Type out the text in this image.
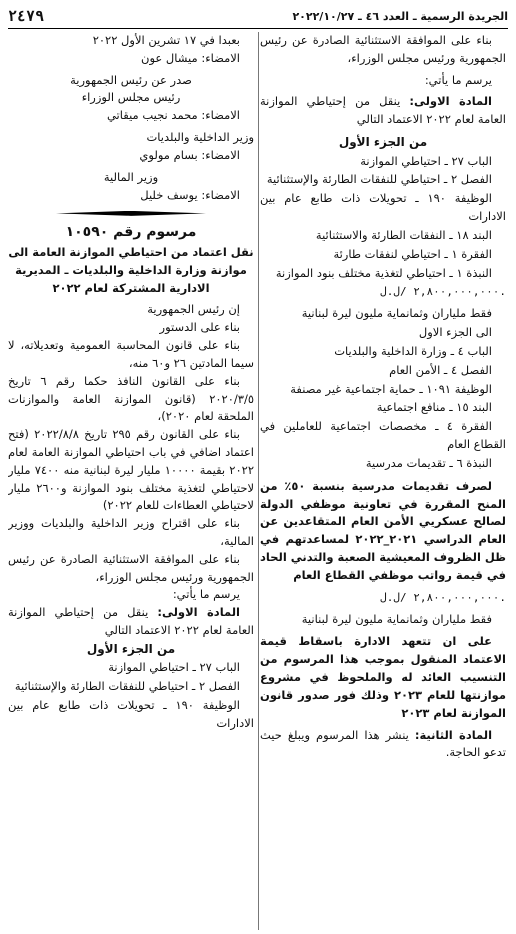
الجريدة الرسمية ـ العدد ٤٦ ـ ٢٠٢٢/١٠/٢٧
٢٤٧٩

بناء على الموافقة الاستثنائية الصادرة عن رئيس الجمهورية ورئيس مجلس الوزراء،

يرسم ما يأتي:

المادة الاولى: ينقل من إحتياطي الموازنة العامة لعام ٢٠٢٢ الاعتماد التالي

من الجزء الأول

الباب ٢٧ ـ احتياطي الموازنة

الفصل ٢ ـ احتياطي للنفقات الطارئة والإستثنائية

الوظيفة ١٩٠ ـ تحويلات ذات طابع عام بين الادارات

البند ١٨ ـ النفقات الطارئة والاستثنائية

الفقرة ١ ـ احتياطي لنفقات طارئة

النبذة ١ ـ احتياطي لتغذية مختلف بنود الموازنة

٢,٨٠٠,٠٠٠,٠٠٠ /ل.ل.

فقط ملياران وثمانماية مليون ليرة لبنانية

الى الجزء الاول

الباب ٤ ـ وزارة الداخلية والبلديات

الفصل ٤ ـ الأمن العام

الوظيفة ١٠٩١ ـ حماية اجتماعية غير مصنفة

البند ١٥ ـ منافع اجتماعية

الفقرة ٤ ـ مخصصات اجتماعية للعاملين في القطاع العام

النبذة ٦ ـ تقديمات مدرسية

لصرف تقديمات مدرسية بنسبة ٥٠٪ من المنح المقررة في تعاونية موظفي الدولة لصالح عسكريي الأمن العام المتقاعدين عن العام الدراسي ٢٠٢١_٢٠٢٢ لمساعدتهم في ظل الظروف المعيشية الصعبة والتدني الحاد في قيمة رواتب موظفي القطاع العام

٢,٨٠٠,٠٠٠,٠٠٠ /ل.ل.

فقط ملياران وثمانماية مليون ليرة لبنانية

على ان تتعهد الادارة باسقاط قيمة الاعتماد المنقول بموجب هذا المرسوم من التنسيب العائد له والملحوظ في مشروع موازنتها للعام ٢٠٢٣ وذلك فور صدور قانون الموازنة لعام ٢٠٢٣

المادة الثانية: ينشر هذا المرسوم ويبلغ حيث تدعو الحاجة.

بعبدا في ١٧ تشرين الأول ٢٠٢٢

الامضاء: ميشال عون

صدر عن رئيس الجمهورية

رئيس مجلس الوزراء

الامضاء: محمد نجيب ميقاتي

وزير الداخلية والبلديات

الامضاء: بسام مولوي

وزير المالية

الامضاء: يوسف خليل

مرسوم رقم ١٠٥٩٠

نقل اعتماد من احتياطي الموازنة العامة الى موازنة وزارة الداخلية والبلديات ـ المديرية الادارية المشتركة لعام ٢٠٢٢

إن رئيس الجمهورية

بناء على الدستور

بناء على قانون المحاسبة العمومية وتعديلاته، لا سيما المادتين ٢٦ و٦٠ منه،

بناء على القانون النافذ حكما رقم ٦ تاريخ ٢٠٢٠/٣/٥ (قانون الموازنة العامة والموازنات الملحقة لعام ٢٠٢٠)،

بناء على القانون رقم ٢٩٥ تاريخ ٢٠٢٢/٨/٨ (فتح اعتماد اضافي في باب احتياطي الموازنة العامة لعام ٢٠٢٢ بقيمة ١٠٠٠٠ مليار ليرة لبنانية منه ٧٤٠٠ مليار لاحتياطي لتغذية مختلف بنود الموازنة و٢٦٠٠ مليار لاحتياطي العطاءات للعام ٢٠٢٢)

بناء على اقتراح وزير الداخلية والبلديات ووزير المالية،

بناء على الموافقة الاستثنائية الصادرة عن رئيس الجمهورية ورئيس مجلس الوزراء،

يرسم ما يأتي:

المادة الاولى: ينقل من إحتياطي الموازنة العامة لعام ٢٠٢٢ الاعتماد التالي

من الجزء الأول

الباب ٢٧ ـ احتياطي الموازنة

الفصل ٢ ـ احتياطي للنفقات الطارئة والإستثنائية

الوظيفة ١٩٠ ـ تحويلات ذات طابع عام بين الادارات
